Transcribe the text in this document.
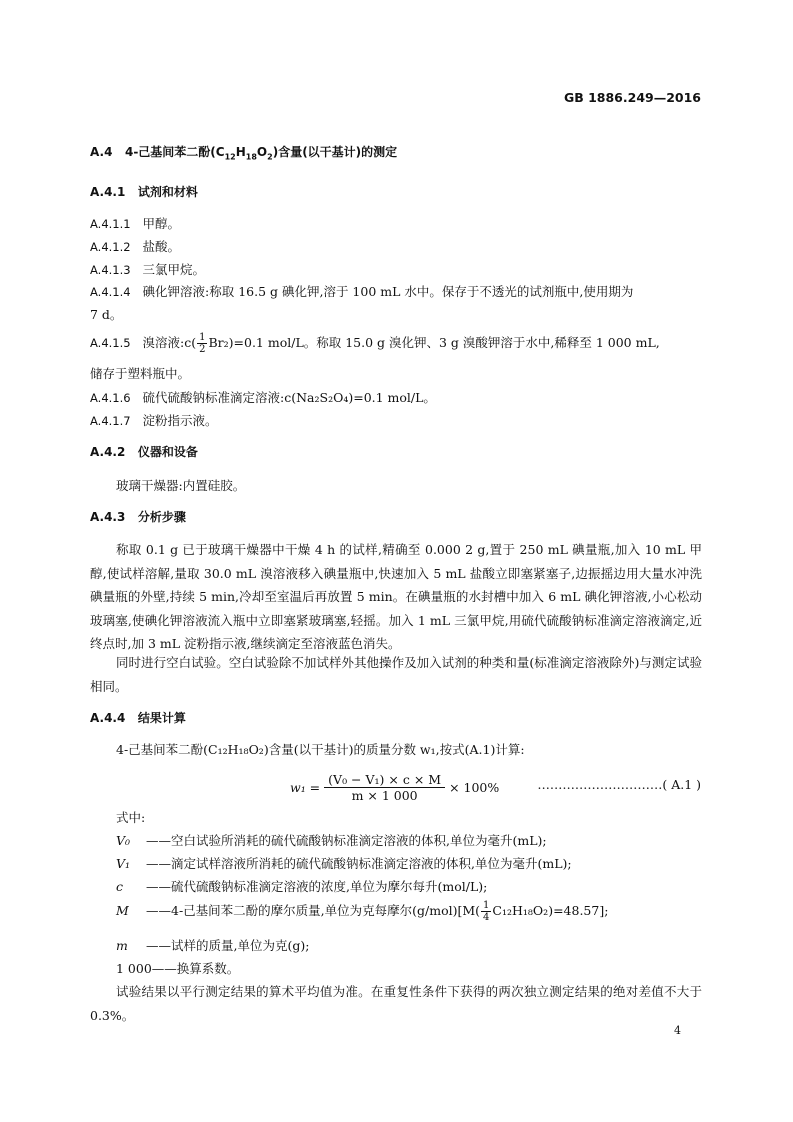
GB 1886.249—2016
A.4 4-己基间苯二酚$(C_{12}H_{18}O_2)$含量(以干基计)的测定
A.4.1 试剂和材料
A.4.1.1 甲醇。
A.4.1.2 盐酸。
A.4.1.3 三氯甲烷。
A.4.1.4 碘化钾溶液:称取 16.5 g 碘化钾,溶于 100 mL 水中。保存于不透光的试剂瓶中,使用期为
7 d。
A.4.1.5 溴溶液:c( $\frac{1}{2} Br_2)=0.1$ mol/L。称取 15.0 g 溴化钾、3 g 溴酸钾溶于水中,稀释至 1 000 mL,
储存于塑料瓶中。
A.4.1.6 硫代硫酸钠标准滴定溶液:c(Na₂S₂O₄)=0.1 mol/L。
A.4.1.7 淀粉指示液。
A.4.2 仪器和设备
玻璃干燥器:内置硅胶。
A.4.3 分析步骤
称取 0.1 g 已于玻璃干燥器中干燥 4 h 的试样,精确至 0.000 2 g,置于 250 mL 碘量瓶,加入 10 mL 甲醇,使试样溶解,量取 30.0 mL 溴溶液移入碘量瓶中,快速加入 5 mL 盐酸立即塞紧塞子,边振摇边用大量水冲洗碘量瓶的外壁,持续 5 min,冷却至室温后再放置 5 min。在碘量瓶的水封槽中加入 6 mL 碘化钾溶液,小心松动玻璃塞,使碘化钾溶液流入瓶中立即塞紧玻璃塞,轻摇。加入 1 mL 三氯甲烷,用硫代硫酸钠标准滴定溶液滴定,近终点时,加 3 mL 淀粉指示液,继续滴定至溶液蓝色消失。
同时进行空白试验。空白试验除不加试样外其他操作及加入试剂的种类和量(标准滴定溶液除外)与测定试验相同。
A.4.4 结果计算
4-己基间苯二酚(C₁₂H₁₈O₂)含量(以干基计)的质量分数 w₁,按式(A.1)计算:
$w_1 = \frac{\text{(V₀ − V₁) × c × M}}{m \times 1 000} \times 100\%$	…………………………( A.1 )
式中:
V₀ ——空白试验所消耗的硫代硫酸钠标准滴定溶液的体积,单位为毫升(mL);
V₁ ——滴定试样溶液所消耗的硫代硫酸钠标准滴定溶液的体积,单位为毫升(mL);
c ——硫代硫酸钠标准滴定溶液的浓度,单位为摩尔每升(mol/L);
M ——4-己基间苯二酚的摩尔质量,单位为克每摩尔$(g/mol)[M( \frac{1}{4} C_{12}H_{18}O_2)=48.57]$;
m ——试样的质量,单位为克(g);
1 000——换算系数。
试验结果以平行测定结果的算术平均值为准。在重复性条件下获得的两次独立测定结果的绝对差值不大于 0.3%。
4
